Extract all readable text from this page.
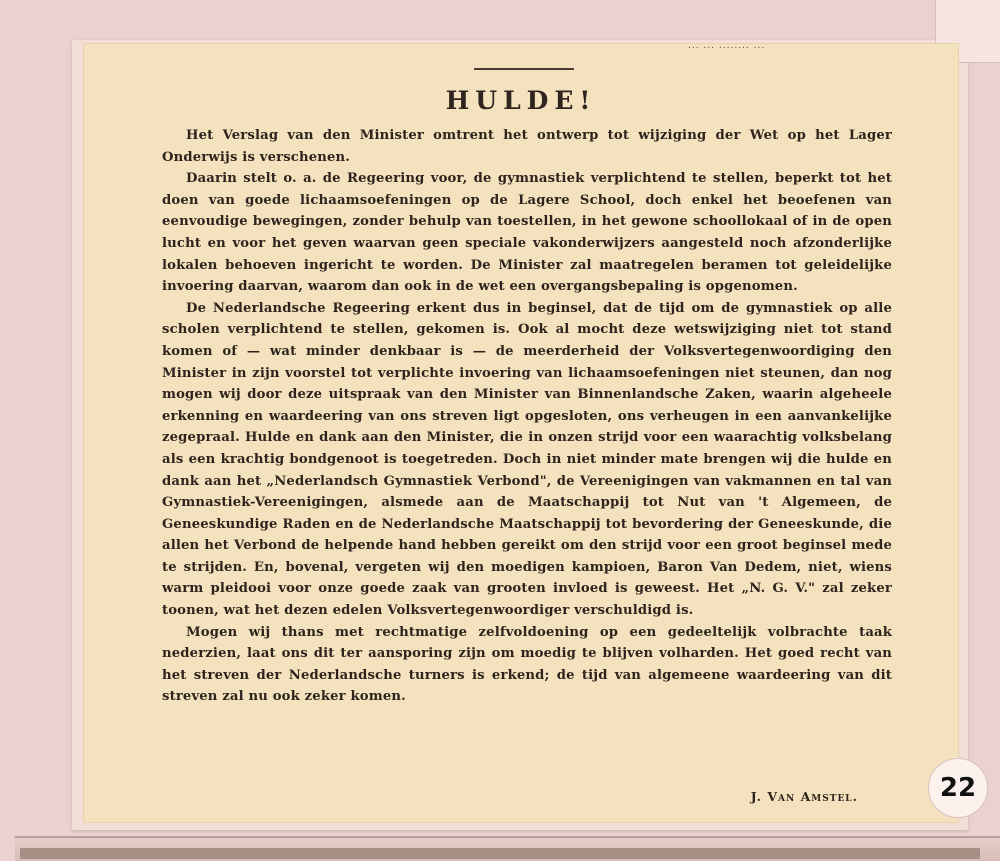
... ... ........ ...
HULDE!

Het Verslag van den Minister omtrent het ontwerp tot wijziging der Wet op het Lager Onderwijs is verschenen.

Daarin stelt o. a. de Regeering voor, de gymnastiek verplichtend te stellen, beperkt tot het doen van goede lichaamsoefeningen op de Lagere School, doch enkel het beoefenen van eenvoudige bewegingen, zonder behulp van toestellen, in het gewone schoollokaal of in de open lucht en voor het geven waarvan geen speciale vakonderwijzers aangesteld noch afzonderlijke lokalen behoeven ingericht te worden. De Minister zal maatregelen beramen tot geleidelijke invoering daarvan, waarom dan ook in de wet een overgangsbepaling is opgenomen.

De Nederlandsche Regeering erkent dus in beginsel, dat de tijd om de gymnastiek op alle scholen verplichtend te stellen, gekomen is. Ook al mocht deze wetswijziging niet tot stand komen of — wat minder denkbaar is — de meerderheid der Volksvertegenwoordiging den Minister in zijn voorstel tot verplichte invoering van lichaamsoefeningen niet steunen, dan nog mogen wij door deze uitspraak van den Minister van Binnenlandsche Zaken, waarin algeheele erkenning en waardeering van ons streven ligt opgesloten, ons verheugen in een aanvankelijke zegepraal. Hulde en dank aan den Minister, die in onzen strijd voor een waarachtig volksbelang als een krachtig bondgenoot is toegetreden. Doch in niet minder mate brengen wij die hulde en dank aan het „Nederlandsch Gymnastiek Verbond", de Vereenigingen van vakmannen en tal van Gymnastiek-Vereenigingen, alsmede aan de Maatschappij tot Nut van 't Algemeen, de Geneeskundige Raden en de Nederlandsche Maatschappij tot bevordering der Geneeskunde, die allen het Verbond de helpende hand hebben gereikt om den strijd voor een groot beginsel mede te strijden. En, bovenal, vergeten wij den moedigen kampioen, Baron Van Dedem, niet, wiens warm pleidooi voor onze goede zaak van grooten invloed is geweest. Het „N. G. V." zal zeker toonen, wat het dezen edelen Volksvertegenwoordiger verschuldigd is.

Mogen wij thans met rechtmatige zelfvoldoening op een gedeeltelijk volbrachte taak nederzien, laat ons dit ter aansporing zijn om moedig te blijven volharden. Het goed recht van het streven der Nederlandsche turners is erkend; de tijd van algemeene waardeering van dit streven zal nu ook zeker komen.

J. Van Amstel.	22
